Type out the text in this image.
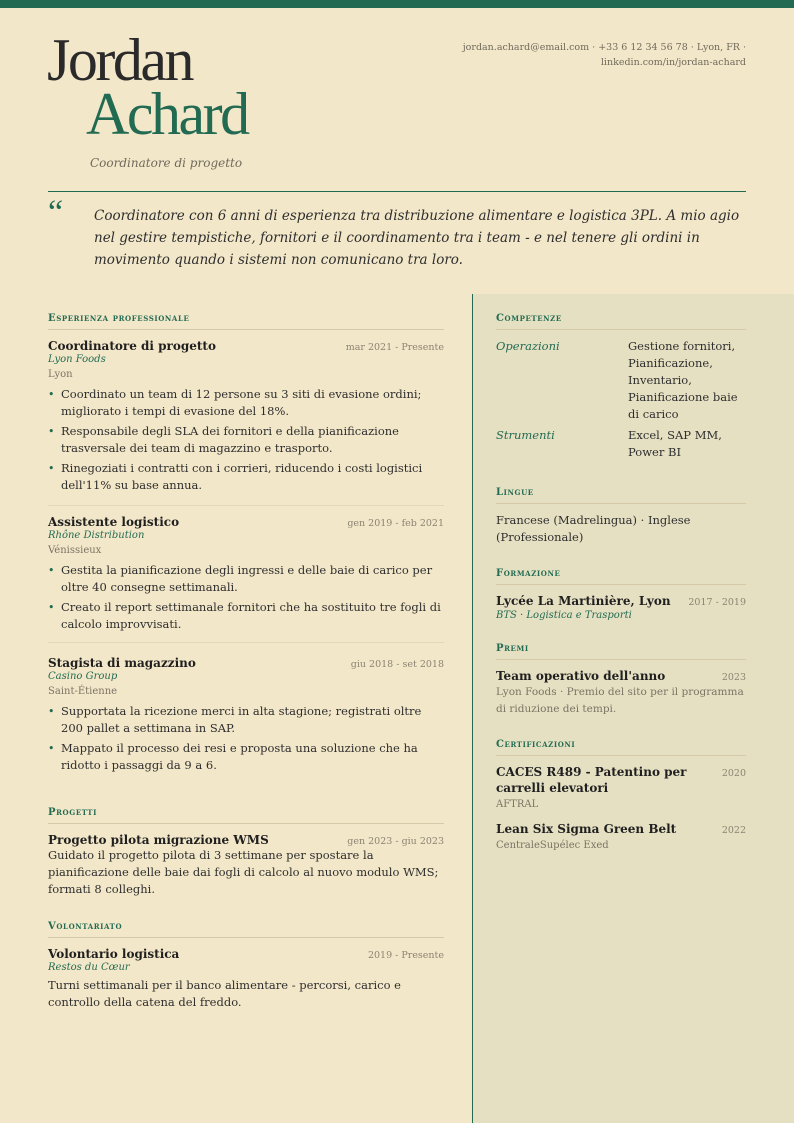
Jordan
Achard
Coordinatore di progetto
jordan.achard@email.com · +33 6 12 34 56 78 · Lyon, FR ·
linkedin.com/in/jordan-achard
“ Coordinatore con 6 anni di esperienza tra distribuzione alimentare e logistica 3PL. A mio agio nel gestire tempistiche, fornitori e il coordinamento tra i team - e nel tenere gli ordini in movimento quando i sistemi non comunicano tra loro.
Esperienza professionale
Coordinatore di progetto	mar 2021 - Presente
Lyon Foods
Lyon
• Coordinato un team di 12 persone su 3 siti di evasione ordini; migliorato i tempi di evasione del 18%.
• Responsabile degli SLA dei fornitori e della pianificazione trasversale dei team di magazzino e trasporto.
• Rinegoziati i contratti con i corrieri, riducendo i costi logistici dell'11% su base annua.
Assistente logistico	gen 2019 - feb 2021
Rhône Distribution
Vénissieux
• Gestita la pianificazione degli ingressi e delle baie di carico per oltre 40 consegne settimanali.
• Creato il report settimanale fornitori che ha sostituito tre fogli di calcolo improvvisati.
Stagista di magazzino	giu 2018 - set 2018
Casino Group
Saint-Étienne
• Supportata la ricezione merci in alta stagione; registrati oltre 200 pallet a settimana in SAP.
• Mappato il processo dei resi e proposta una soluzione che ha ridotto i passaggi da 9 a 6.
Progetti
Progetto pilota migrazione WMS	gen 2023 - giu 2023
Guidato il progetto pilota di 3 settimane per spostare la pianificazione delle baie dai fogli di calcolo al nuovo modulo WMS; formati 8 colleghi.
Volontariato
Volontario logistica	2019 - Presente
Restos du Cœur
Turni settimanali per il banco alimentare - percorsi, carico e controllo della catena del freddo.
Competenze
Operazioni	Gestione fornitori, Pianificazione, Inventario, Pianificazione baie di carico
Strumenti	Excel, SAP MM, Power BI
Lingue
Francese (Madrelingua) · Inglese (Professionale)
Formazione
Lycée La Martinière, Lyon 2017 - 2019
BTS · Logistica e Trasporti
Premi
Team operativo dell'anno	2023
Lyon Foods · Premio del sito per il programma di riduzione dei tempi.
Certificazioni
CACES R489 - Patentino per carrelli elevatori
2020
AFTRAL
Lean Six Sigma Green Belt	2022
CentraleSupélec Exed
